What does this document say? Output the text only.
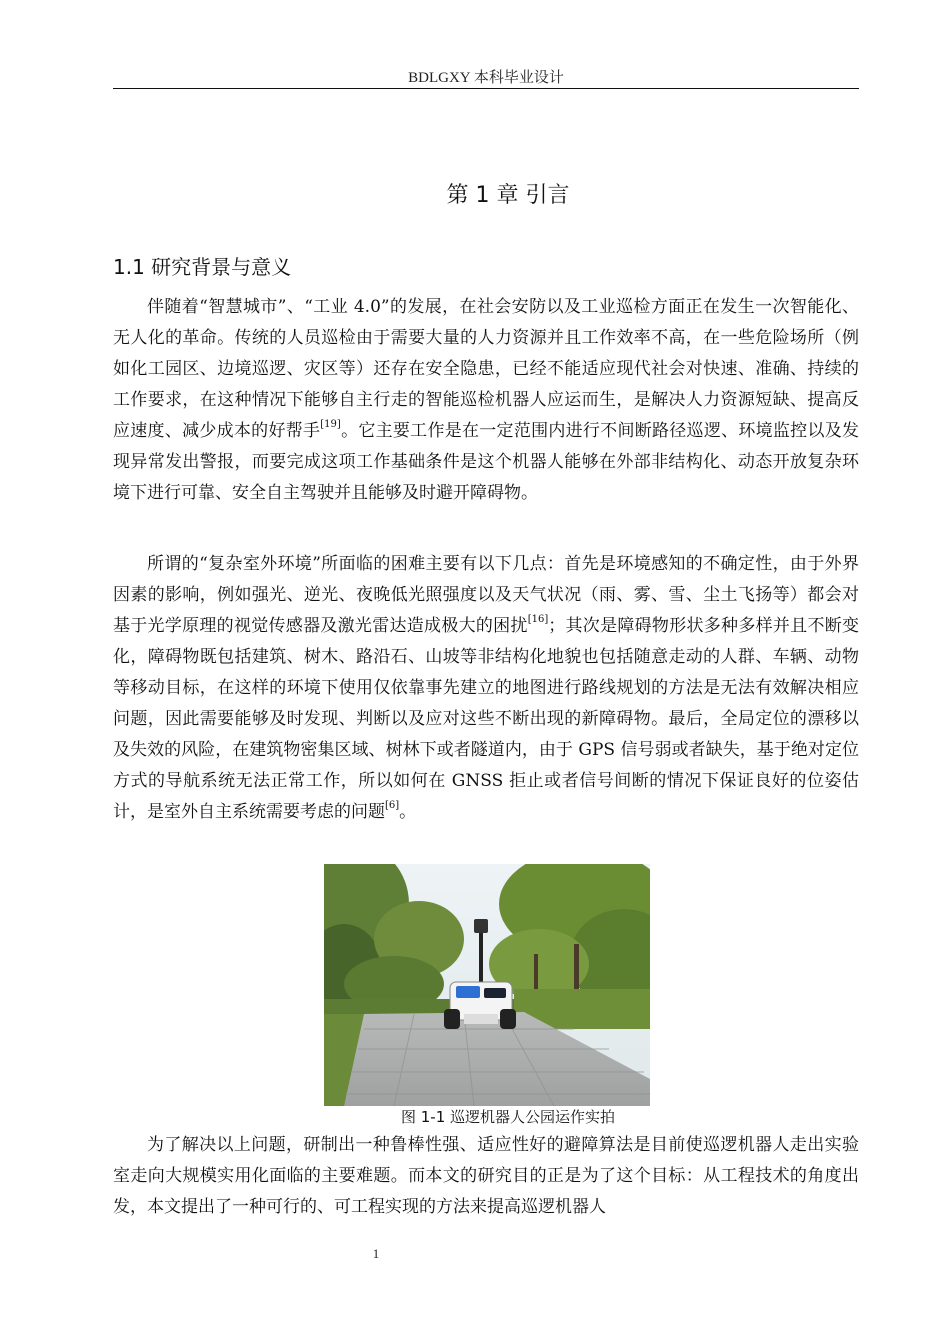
BDLGXY 本科毕业设计
第 1 章 引言
1.1 研究背景与意义

伴随着“智慧城市”、“工业 4.0”的发展，在社会安防以及工业巡检方面正在发生一次智能化、无人化的革命。传统的人员巡检由于需要大量的人力资源并且工作效率不高，在一些危险场所（例如化工园区、边境巡逻、灾区等）还存在安全隐患，已经不能适应现代社会对快速、准确、持续的工作要求，在这种情况下能够自主行走的智能巡检机器人应运而生，是解决人力资源短缺、提高反应速度、减少成本的好帮手[19]。它主要工作是在一定范围内进行不间断路径巡逻、环境监控以及发现异常发出警报，而要完成这项工作基础条件是这个机器人能够在外部非结构化、动态开放复杂环境下进行可靠、安全自主驾驶并且能够及时避开障碍物。

所谓的“复杂室外环境”所面临的困难主要有以下几点：首先是环境感知的不确定性，由于外界因素的影响，例如强光、逆光、夜晚低光照强度以及天气状况（雨、雾、雪、尘土飞扬等）都会对基于光学原理的视觉传感器及激光雷达造成极大的困扰[16]；其次是障碍物形状多种多样并且不断变化，障碍物既包括建筑、树木、路沿石、山坡等非结构化地貌也包括随意走动的人群、车辆、动物等移动目标，在这样的环境下使用仅依靠事先建立的地图进行路线规划的方法是无法有效解决相应问题，因此需要能够及时发现、判断以及应对这些不断出现的新障碍物。最后，全局定位的漂移以及失效的风险，在建筑物密集区域、树林下或者隧道内，由于 GPS 信号弱或者缺失，基于绝对定位方式的导航系统无法正常工作，所以如何在 GNSS 拒止或者信号间断的情况下保证良好的位姿估计，是室外自主系统需要考虑的问题[6]。

图 1-1 巡逻机器人公园运作实拍

为了解决以上问题，研制出一种鲁棒性强、适应性好的避障算法是目前使巡逻机器人走出实验室走向大规模实用化面临的主要难题。而本文的研究目的正是为了这个目标：从工程技术的角度出发，本文提出了一种可行的、可工程实现的方法来提高巡逻机器人

1
